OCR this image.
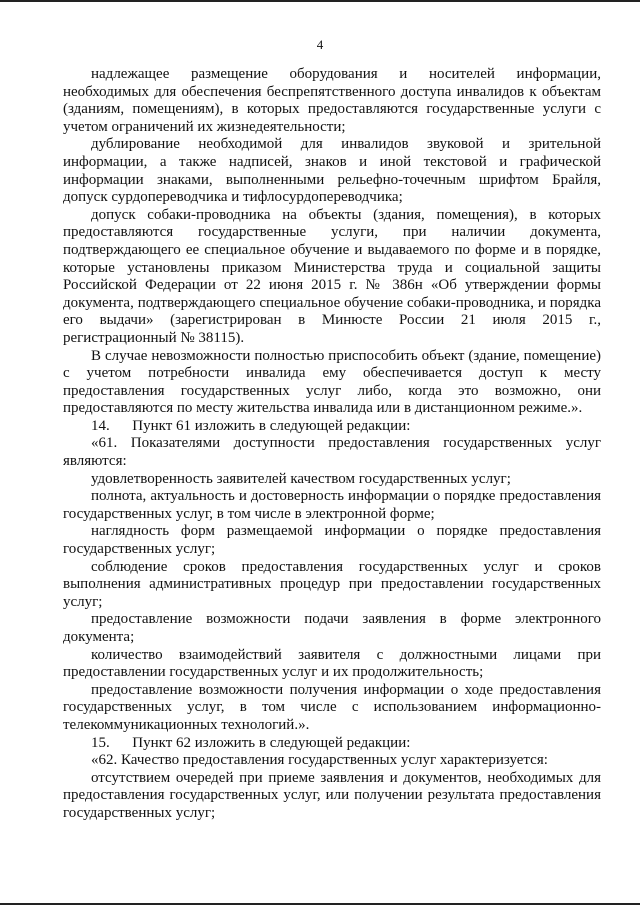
4

надлежащее размещение оборудования и носителей информации, необходимых для обеспечения беспрепятственного доступа инвалидов к объектам (зданиям, помещениям), в которых предоставляются государственные услуги с учетом ограничений их жизнедеятельности;

дублирование необходимой для инвалидов звуковой и зрительной информации, а также надписей, знаков и иной текстовой и графической информации знаками, выполненными рельефно-точечным шрифтом Брайля, допуск сурдопереводчика и тифлосурдопереводчика;

допуск собаки-проводника на объекты (здания, помещения), в которых предоставляются государственные услуги, при наличии документа, подтверждающего ее специальное обучение и выдаваемого по форме и в порядке, которые установлены приказом Министерства труда и социальной защиты Российской Федерации от 22 июня 2015 г. № 386н «Об утверждении формы документа, подтверждающего специальное обучение собаки-проводника, и порядка его выдачи» (зарегистрирован в Минюсте России 21 июля 2015 г., регистрационный № 38115).

В случае невозможности полностью приспособить объект (здание, помещение) с учетом потребности инвалида ему обеспечивается доступ к месту предоставления государственных услуг либо, когда это возможно, они предоставляются по месту жительства инвалида или в дистанционном режиме.».

14.      Пункт 61 изложить в следующей редакции:

«61. Показателями доступности предоставления государственных услуг являются:

удовлетворенность заявителей качеством государственных услуг;

полнота, актуальность и достоверность информации о порядке предоставления государственных услуг, в том числе в электронной форме;

наглядность форм размещаемой информации о порядке предоставления государственных услуг;

соблюдение сроков предоставления государственных услуг и сроков выполнения административных процедур при предоставлении государственных услуг;

предоставление возможности подачи заявления в форме электронного документа;

количество взаимодействий заявителя с должностными лицами при предоставлении государственных услуг и их продолжительность;

предоставление возможности получения информации о ходе предоставления государственных услуг, в том числе с использованием информационно-телекоммуникационных технологий.».

15.      Пункт 62 изложить в следующей редакции:

«62. Качество предоставления государственных услуг характеризуется:

отсутствием очередей при приеме заявления и документов, необходимых для предоставления государственных услуг, или получении результата предоставления государственных услуг;
